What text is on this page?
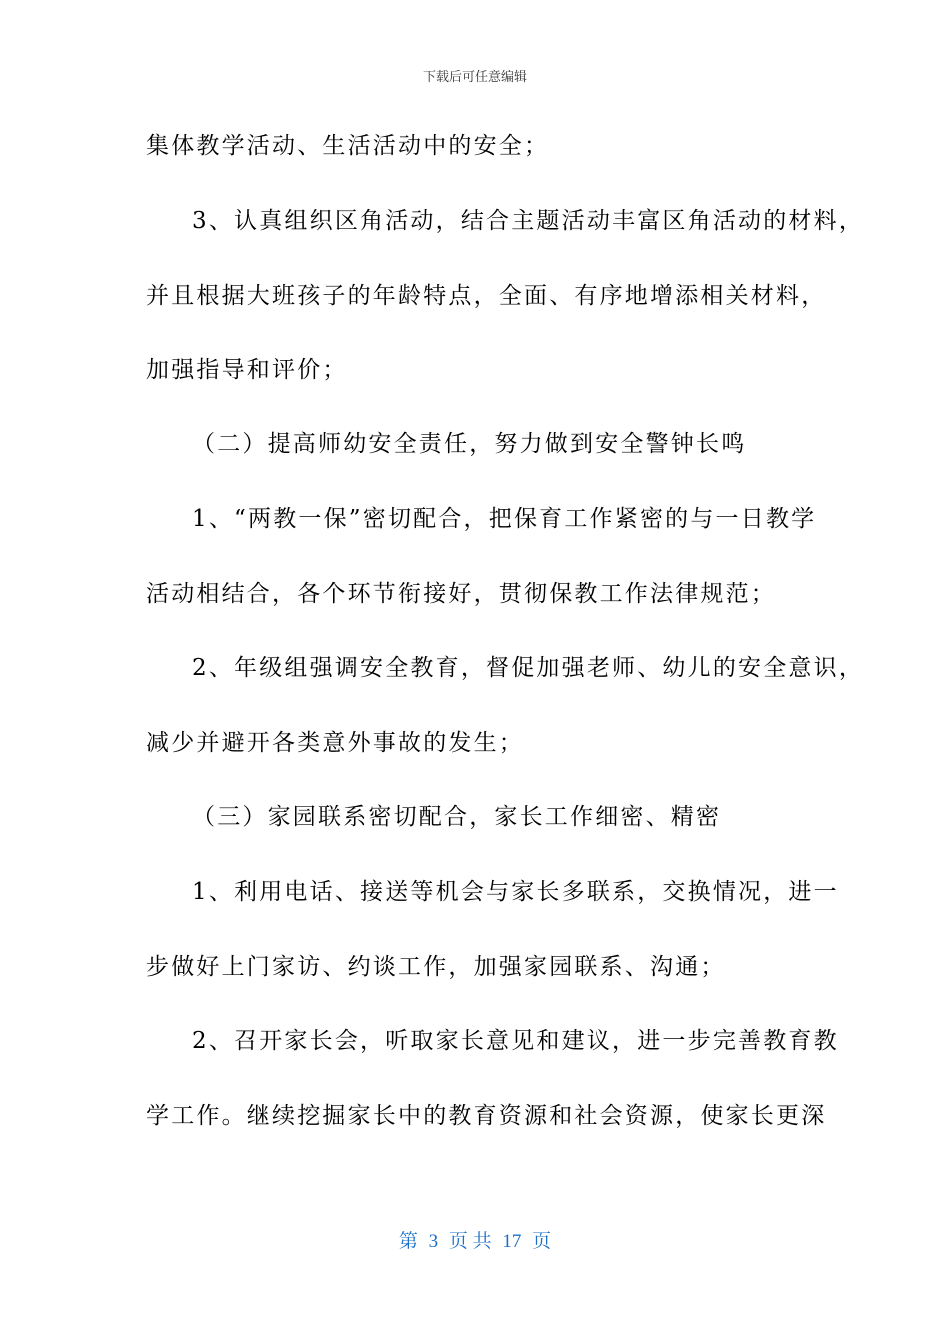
下载后可任意编辑
集体教学活动、生活活动中的安全；
3、认真组织区角活动，结合主题活动丰富区角活动的材料，
并且根据大班孩子的年龄特点，全面、有序地增添相关材料，
加强指导和评价；
（二）提高师幼安全责任，努力做到安全警钟长鸣
1、“两教一保”密切配合，把保育工作紧密的与一日教学
活动相结合，各个环节衔接好，贯彻保教工作法律规范；
2、年级组强调安全教育，督促加强老师、幼儿的安全意识，
减少并避开各类意外事故的发生；
（三）家园联系密切配合，家长工作细密、精密
1、利用电话、接送等机会与家长多联系，交换情况，进一
步做好上门家访、约谈工作，加强家园联系、沟通；
2、召开家长会，听取家长意见和建议，进一步完善教育教
学工作。继续挖掘家长中的教育资源和社会资源，使家长更深
第 3 页 共 17 页
